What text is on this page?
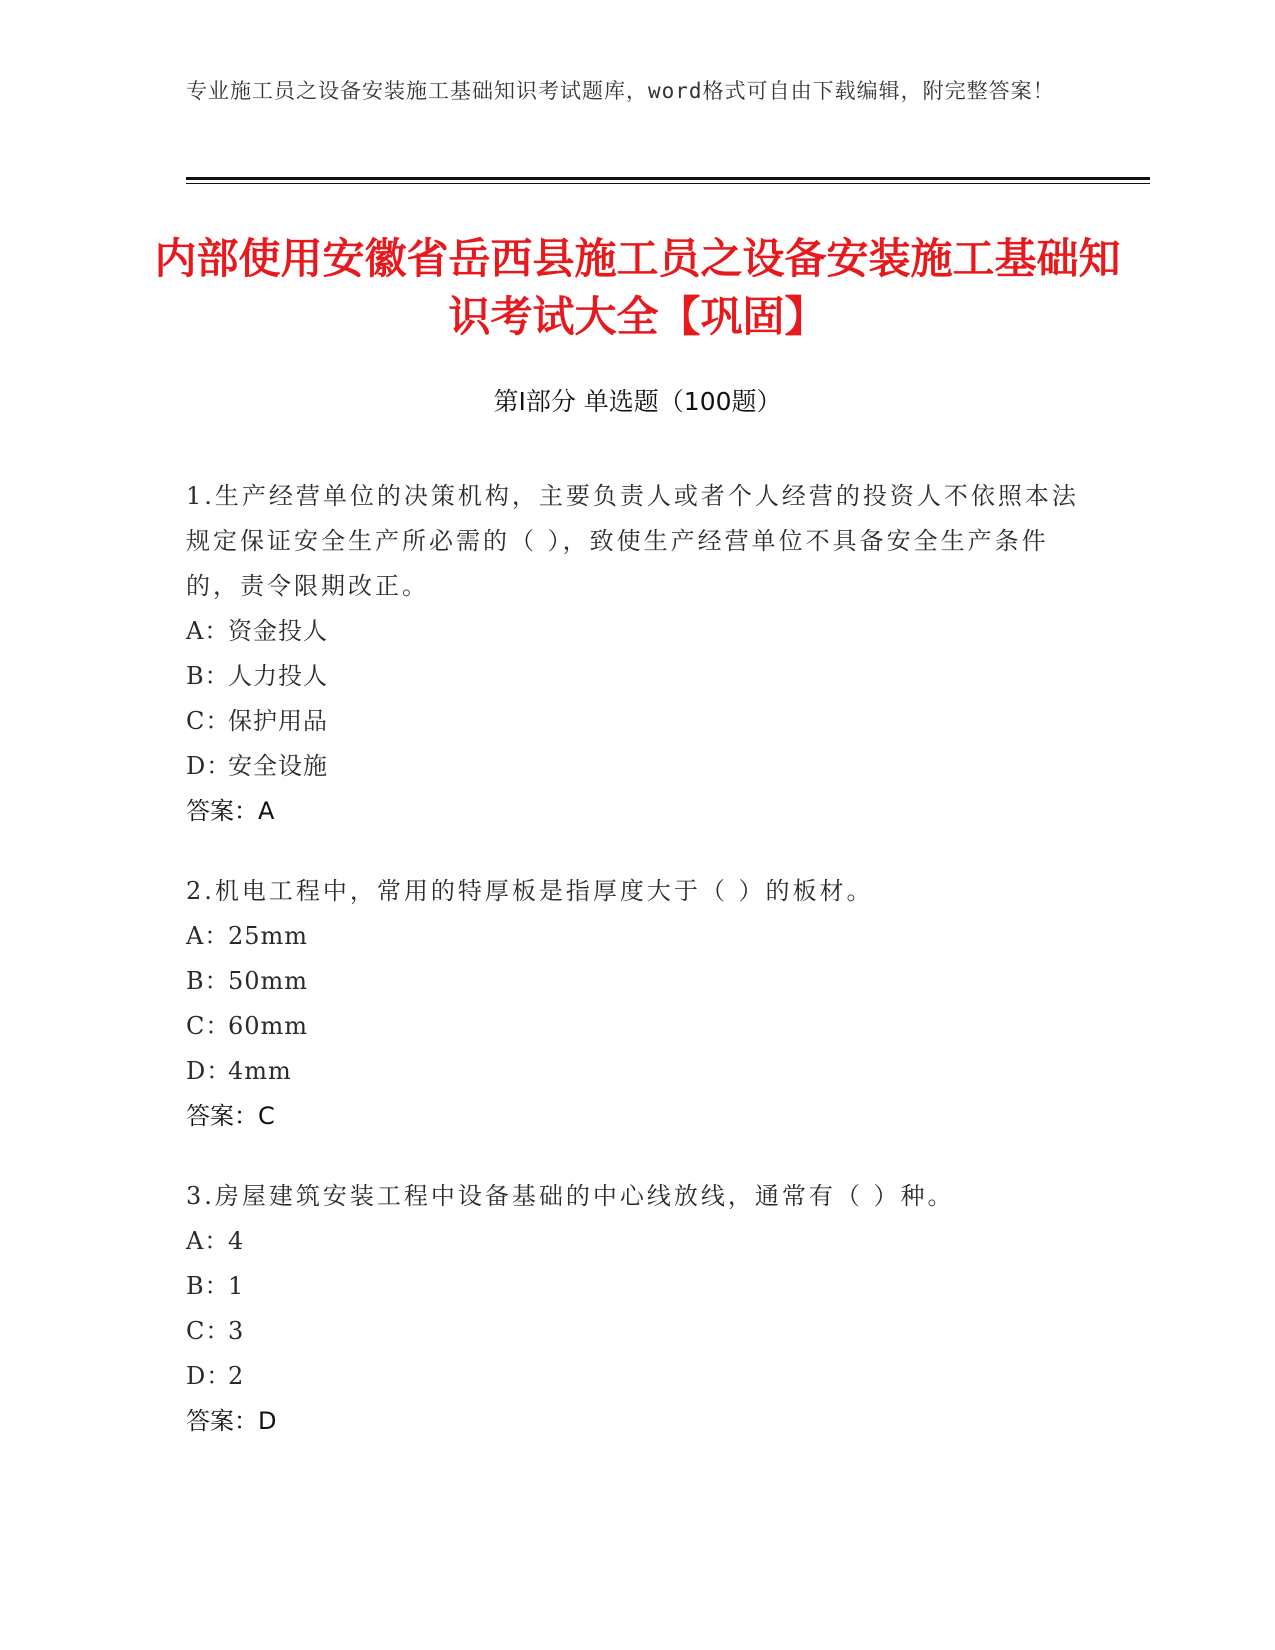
专业施工员之设备安装施工基础知识考试题库，word格式可自由下载编辑，附完整答案！
内部使用安徽省岳西县施工员之设备安装施工基础知识考试大全【巩固】
第Ⅰ部分 单选题（100题）
1.生产经营单位的决策机构，主要负责人或者个人经营的投资人不依照本法规定保证安全生产所必需的（ ），致使生产经营单位不具备安全生产条件的，责令限期改正。
A：
资金投人
B：
人力投人
C：
保护用品
D：
安全设施
答案：A
2.机电工程中，常用的特厚板是指厚度大于（ ）的板材。
A：
25mm
B：
50mm
C：
60mm
D：
4mm
答案：C
3.房屋建筑安装工程中设备基础的中心线放线，通常有（ ）种。
A：
4
B：
1
C：
3
D：
2
答案：D
